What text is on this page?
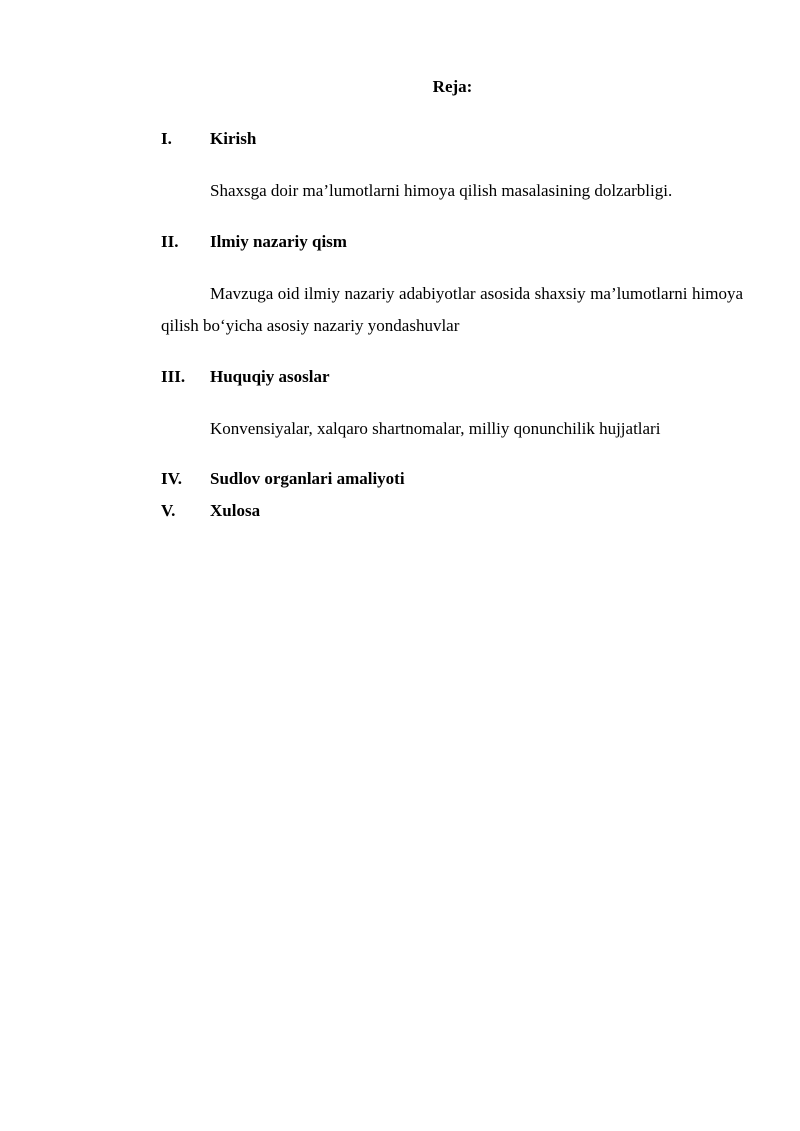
Reja:
I. Kirish
Shaxsga doir ma’lumotlarni himoya qilish masalasining dolzarbligi.
II. Ilmiy nazariy qism
Mavzuga oid ilmiy nazariy adabiyotlar asosida shaxsiy ma’lumotlarni himoya qilish bo‘yicha asosiy nazariy yondashuvlar
III. Huquqiy asoslar
Konvensiyalar, xalqaro shartnomalar, milliy qonunchilik hujjatlari
IV. Sudlov organlari amaliyoti
V. Xulosa
